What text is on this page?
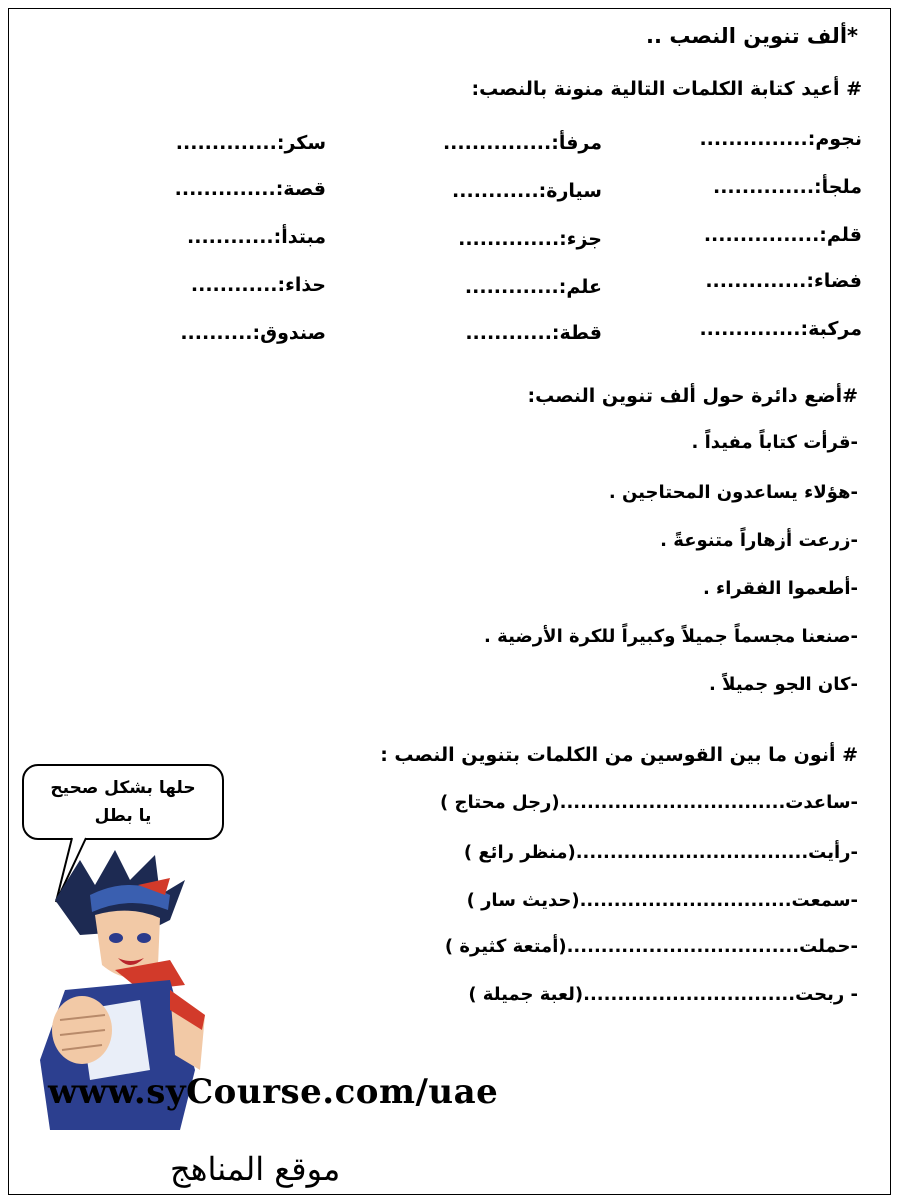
*ألف تنوين النصب ..
# أعيد كتابة الكلمات التالية منونة بالنصب:
نجوم:...............
ملجأ:..............
قلم:................
فضاء:..............
مركبة:..............
مرفأ:...............
سيارة:............
جزء:..............
علم:.............
قطة:............
سكر:..............
قصة:..............
مبتدأ:............
حذاء:............
صندوق:..........
#أضع دائرة حول ألف تنوين النصب:
-قرأت كتاباً مفيداً .
-هؤلاء يساعدون المحتاجين .
-زرعت أزهاراً متنوعةً .
-أطعموا الفقراء .
-صنعنا مجسماً جميلاً وكبيراً للكرة الأرضية .
-كان الجو جميلاً .
# أنون ما بين القوسين من الكلمات بتنوين النصب :
-ساعدت.................................(رجل محتاج )
-رأيت..................................(منظر رائع )
-سمعت...............................(حديث سار )
-حملت..................................(أمتعة كثيرة )
- ربحت...............................(لعبة جميلة )
حلها بشكل صحيح
يا بطل
www.syCourse.com/uae
موقع المناهج
